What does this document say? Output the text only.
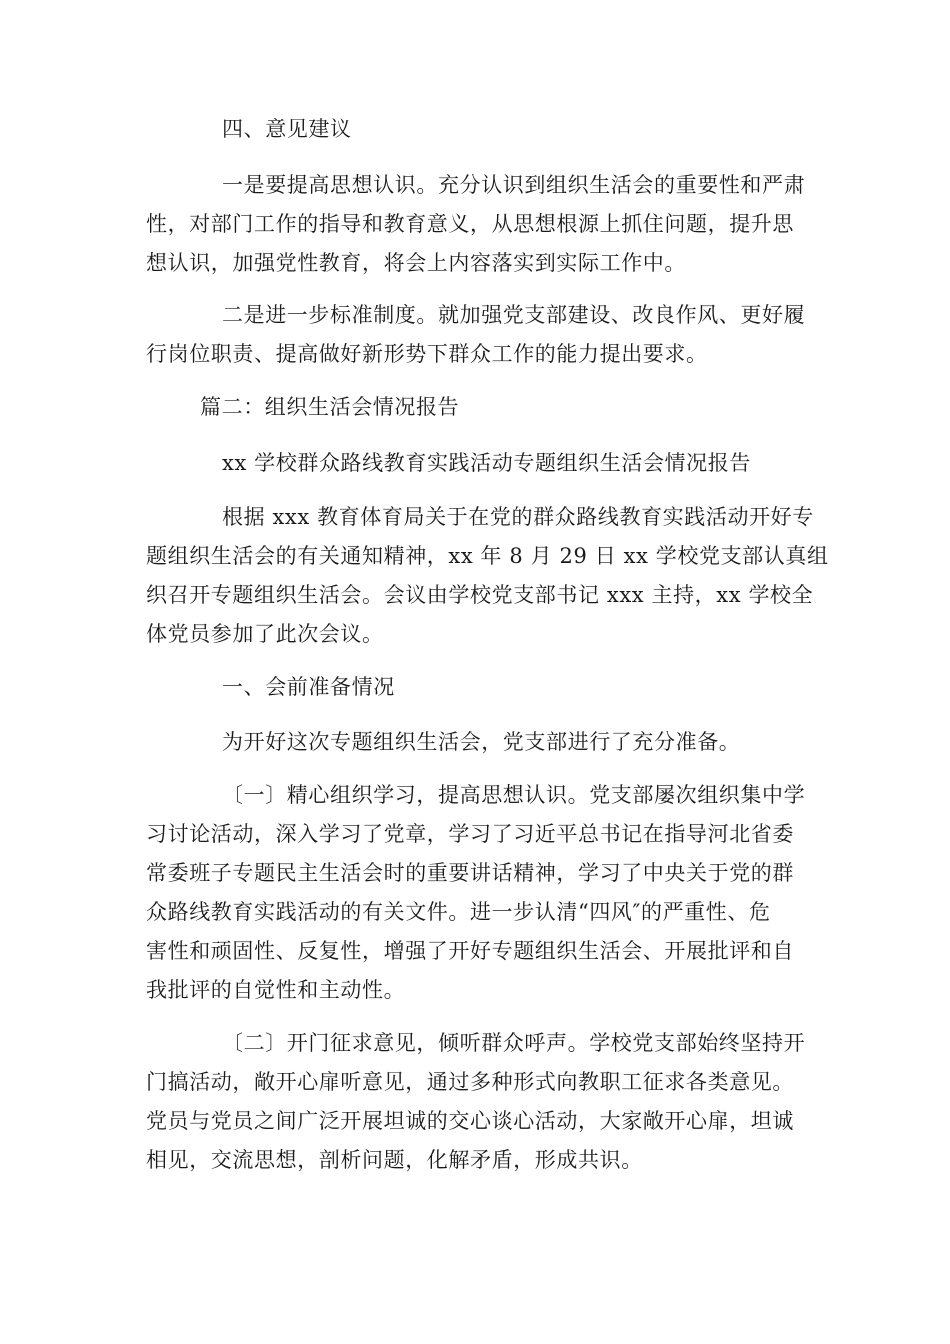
四、意见建议

一是要提高思想认识。充分认识到组织生活会的重要性和严肃

性，对部门工作的指导和教育意义，从思想根源上抓住问题，提升思

想认识，加强党性教育，将会上内容落实到实际工作中。

二是进一步标准制度。就加强党支部建设、改良作风、更好履

行岗位职责、提高做好新形势下群众工作的能力提出要求。

篇二：组织生活会情况报告

xx 学校群众路线教育实践活动专题组织生活会情况报告

根据 xxx 教育体育局关于在党的群众路线教育实践活动开好专

题组织生活会的有关通知精神，xx 年 8 月 29 日 xx 学校党支部认真组

织召开专题组织生活会。会议由学校党支部书记 xxx 主持，xx 学校全

体党员参加了此次会议。

一、会前准备情况

为开好这次专题组织生活会，党支部进行了充分准备。

〔一〕精心组织学习，提高思想认识。党支部屡次组织集中学

习讨论活动，深入学习了党章，学习了习近平总书记在指导河北省委

常委班子专题民主生活会时的重要讲话精神，学习了中央关于党的群

众路线教育实践活动的有关文件。进一步认清“四风″的严重性、危

害性和顽固性、反复性，增强了开好专题组织生活会、开展批评和自

我批评的自觉性和主动性。

〔二〕开门征求意见，倾听群众呼声。学校党支部始终坚持开

门搞活动，敞开心扉听意见，通过多种形式向教职工征求各类意见。

党员与党员之间广泛开展坦诚的交心谈心活动，大家敞开心扉，坦诚

相见，交流思想，剖析问题，化解矛盾，形成共识。
